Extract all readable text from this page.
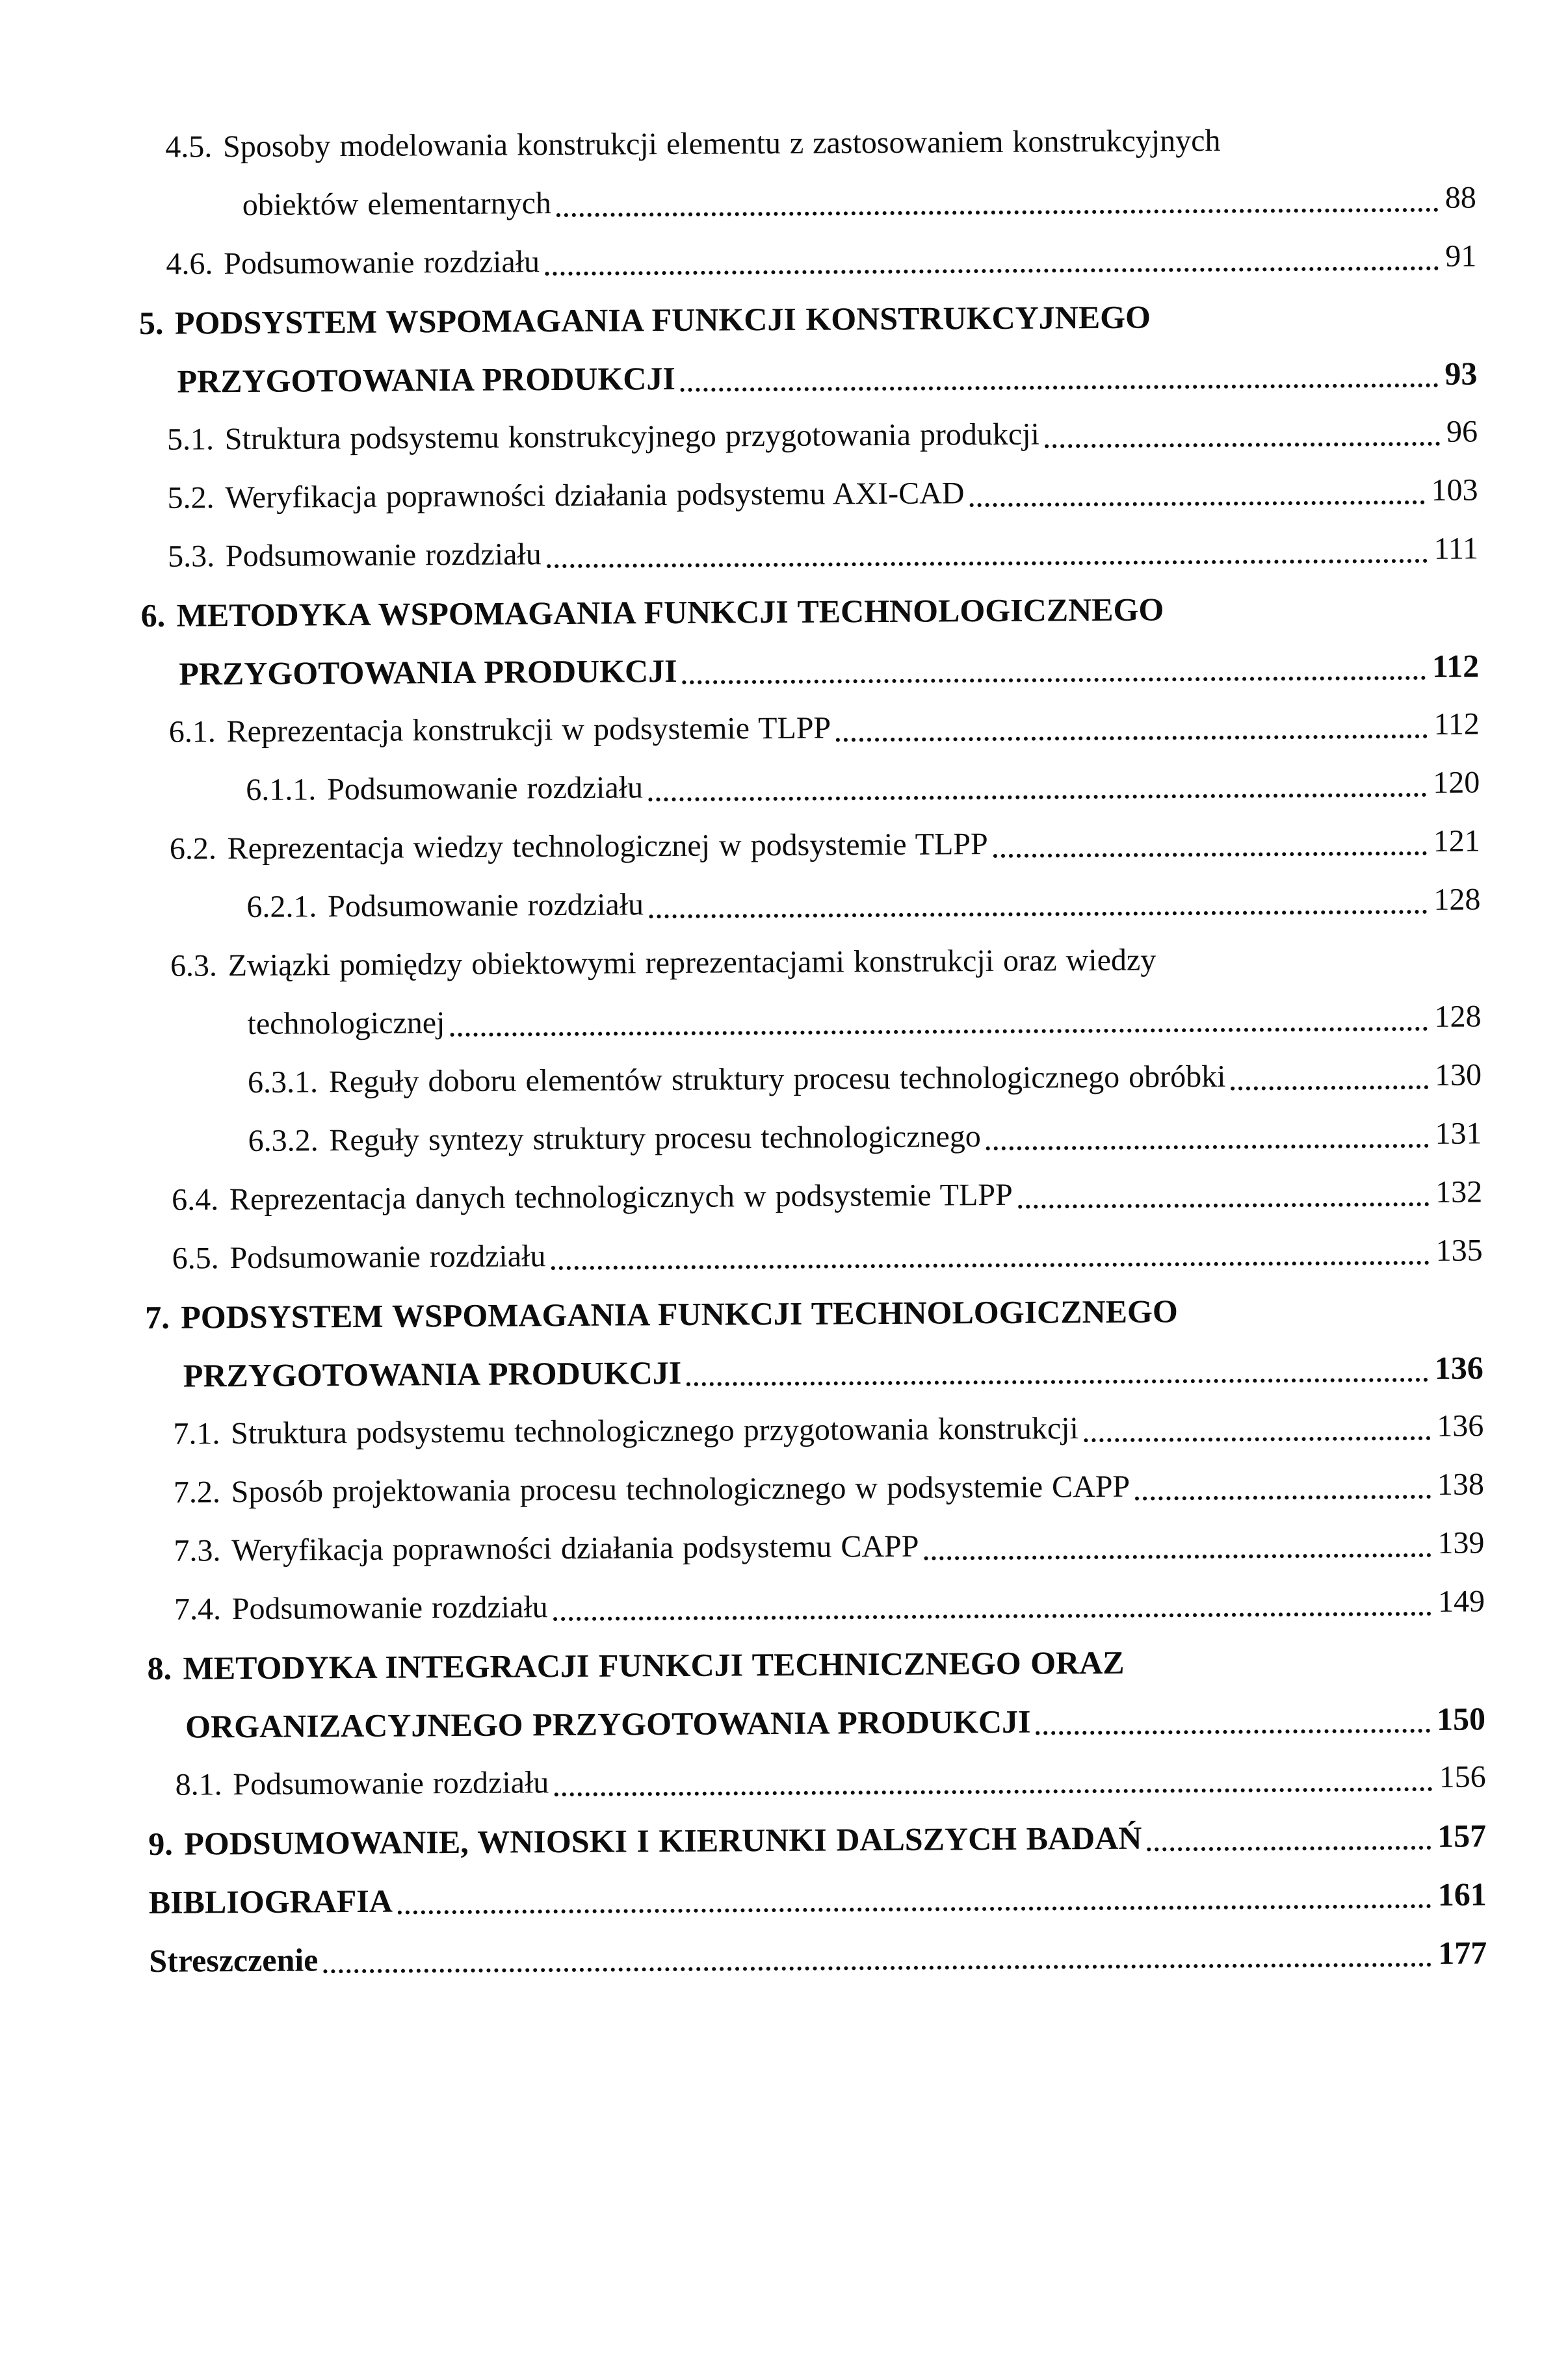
4.5. Sposoby modelowania konstrukcji elementu z zastosowaniem konstrukcyjnych
obiektów elementarnych	88
4.6. Podsumowanie rozdziału	91
5. PODSYSTEM WSPOMAGANIA FUNKCJI KONSTRUKCYJNEGO
PRZYGOTOWANIA PRODUKCJI	93
5.1. Struktura podsystemu konstrukcyjnego przygotowania produkcji	96
5.2. Weryfikacja poprawności działania podsystemu AXI-CAD	103
5.3. Podsumowanie rozdziału	111
6. METODYKA WSPOMAGANIA FUNKCJI TECHNOLOGICZNEGO
PRZYGOTOWANIA PRODUKCJI	112
6.1. Reprezentacja konstrukcji w podsystemie TLPP	112
6.1.1. Podsumowanie rozdziału	120
6.2. Reprezentacja wiedzy technologicznej w podsystemie TLPP	121
6.2.1. Podsumowanie rozdziału	128
6.3. Związki pomiędzy obiektowymi reprezentacjami konstrukcji oraz wiedzy
technologicznej	128
6.3.1. Reguły doboru elementów struktury procesu technologicznego obróbki	130
6.3.2. Reguły syntezy struktury procesu technologicznego	131
6.4. Reprezentacja danych technologicznych w podsystemie TLPP	132
6.5. Podsumowanie rozdziału	135
7. PODSYSTEM WSPOMAGANIA FUNKCJI TECHNOLOGICZNEGO
PRZYGOTOWANIA PRODUKCJI	136
7.1. Struktura podsystemu technologicznego przygotowania konstrukcji	136
7.2. Sposób projektowania procesu technologicznego w podsystemie CAPP	138
7.3. Weryfikacja poprawności działania podsystemu CAPP	139
7.4. Podsumowanie rozdziału	149
8. METODYKA INTEGRACJI FUNKCJI TECHNICZNEGO ORAZ
ORGANIZACYJNEGO PRZYGOTOWANIA PRODUKCJI	150
8.1. Podsumowanie rozdziału	156
9. PODSUMOWANIE, WNIOSKI I KIERUNKI DALSZYCH BADAŃ	157
BIBLIOGRAFIA	161
Streszczenie	177
